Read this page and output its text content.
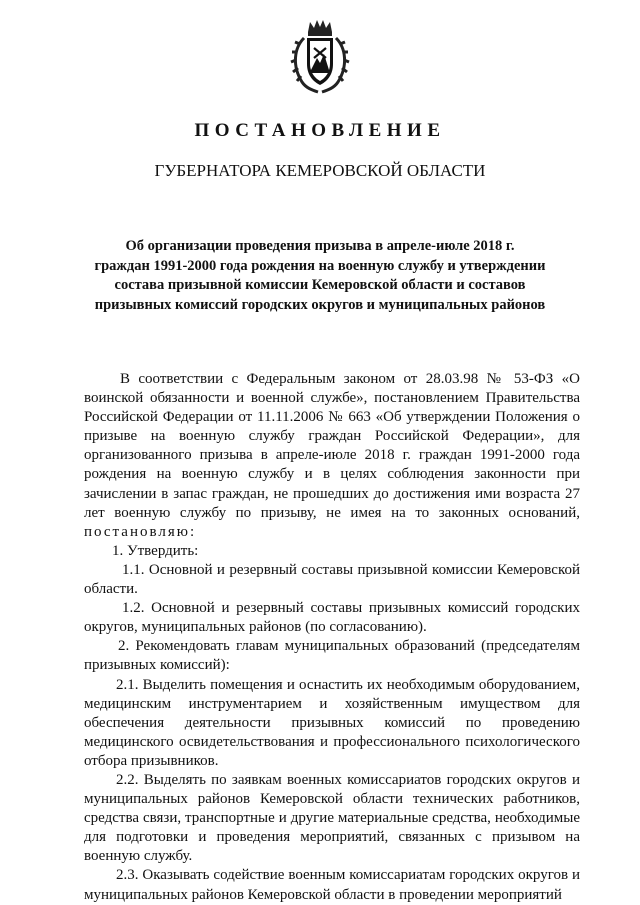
ПОСТАНОВЛЕНИЕ
ГУБЕРНАТОРА КЕМЕРОВСКОЙ ОБЛАСТИ
Об организации проведения призыва в апреле-июле 2018 г.
граждан 1991-2000 года рождения на военную службу и утверждении
состава призывной комиссии Кемеровской области и составов
призывных комиссий городских округов и муниципальных районов

В соответствии с Федеральным законом от 28.03.98 № 53-ФЗ «О воинской обязанности и военной службе», постановлением Правительства Российской Федерации от 11.11.2006 № 663 «Об утверждении Положения о призыве на военную службу граждан Российской Федерации», для организованного призыва в апреле-июле 2018 г. граждан 1991-2000 года рождения на военную службу и в целях соблюдения законности при зачислении в запас граждан, не прошедших до достижения ими возраста 27 лет военную службу по призыву, не имея на то законных оснований, постановляю:

1. Утвердить:

1.1. Основной и резервный составы призывной комиссии Кемеровской области.

1.2. Основной и резервный составы призывных комиссий городских округов, муниципальных районов (по согласованию).

2. Рекомендовать главам муниципальных образований (председателям призывных комиссий):

2.1. Выделить помещения и оснастить их необходимым оборудованием, медицинским инструментарием и хозяйственным имуществом для обеспечения деятельности призывных комиссий по проведению медицинского освидетельствования и профессионального психологического отбора призывников.

2.2. Выделять по заявкам военных комиссариатов городских округов и муниципальных районов Кемеровской области технических работников, средства связи, транспортные и другие материальные средства, необходимые для подготовки и проведения мероприятий, связанных с призывом на военную службу.

2.3. Оказывать содействие военным комиссариатам городских округов и муниципальных районов Кемеровской области в проведении мероприятий
